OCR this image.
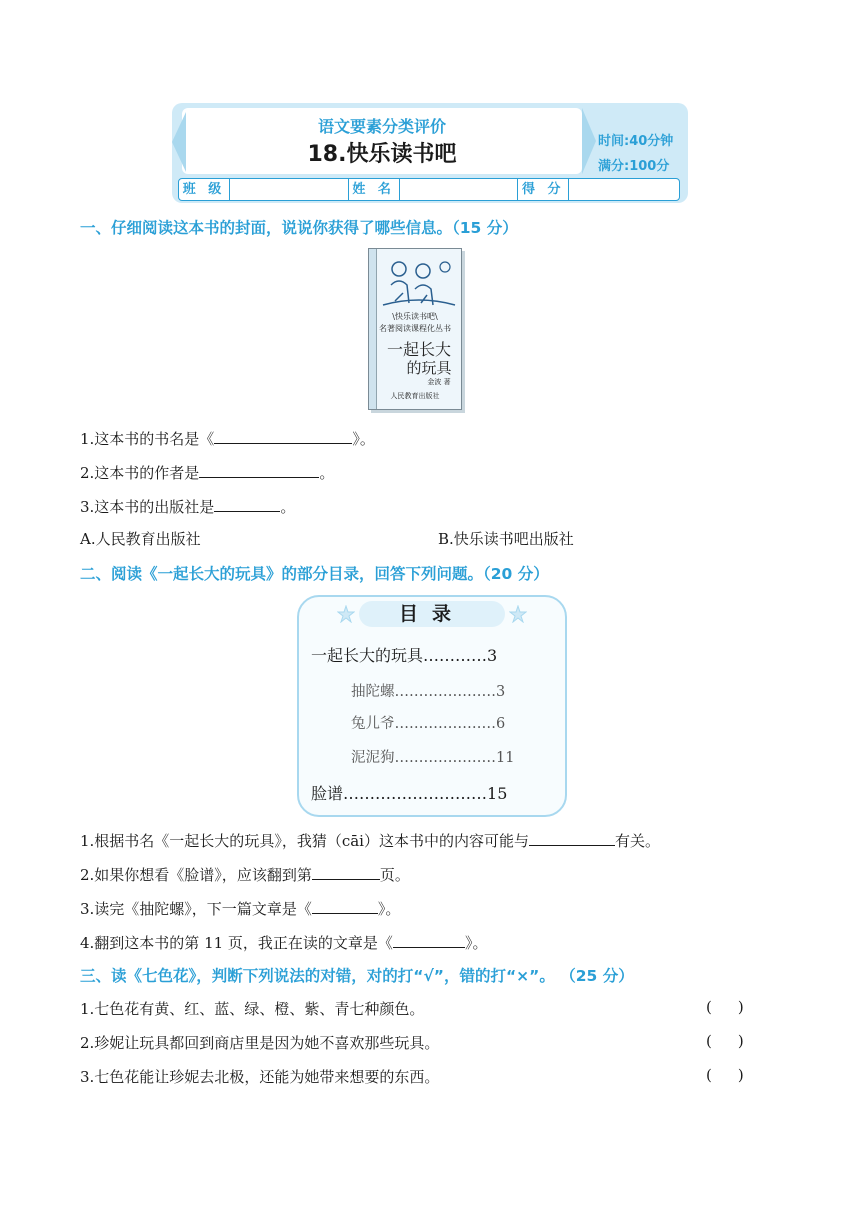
语文要素分类评价
18.快乐读书吧
时间:40分钟
满分:100分
班 级	姓 名	得 分
一、仔细阅读这本书的封面，说说你获得了哪些信息。（15 分）
\快乐读书吧\
名著阅读课程化丛书
一起长大
的玩具
金波 著
人民教育出版社
1.这本书的书名是《	》。
2.这本书的作者是	。
3.这本书的出版社是	。
A.人民教育出版社	B.快乐读书吧出版社
二、阅读《一起长大的玩具》的部分目录，回答下列问题。（20 分）
目录
一起长大的玩具…………3
抽陀螺…………………3
兔儿爷…………………6
泥泥狗…………………11
脸谱………………………15
1.根据书名《一起长大的玩具》，我猜（cāi）这本书中的内容可能与	有关。
2.如果你想看《脸谱》，应该翻到第	页。
3.读完《抽陀螺》，下一篇文章是《	》。
4.翻到这本书的第 11 页，我正在读的文章是《	》。
三、读《七色花》，判断下列说法的对错，对的打“√”，错的打“×”。 （25 分）
1.七色花有黄、红、蓝、绿、橙、紫、青七种颜色。	()
2.珍妮让玩具都回到商店里是因为她不喜欢那些玩具。	()
3.七色花能让珍妮去北极，还能为她带来想要的东西。	()
